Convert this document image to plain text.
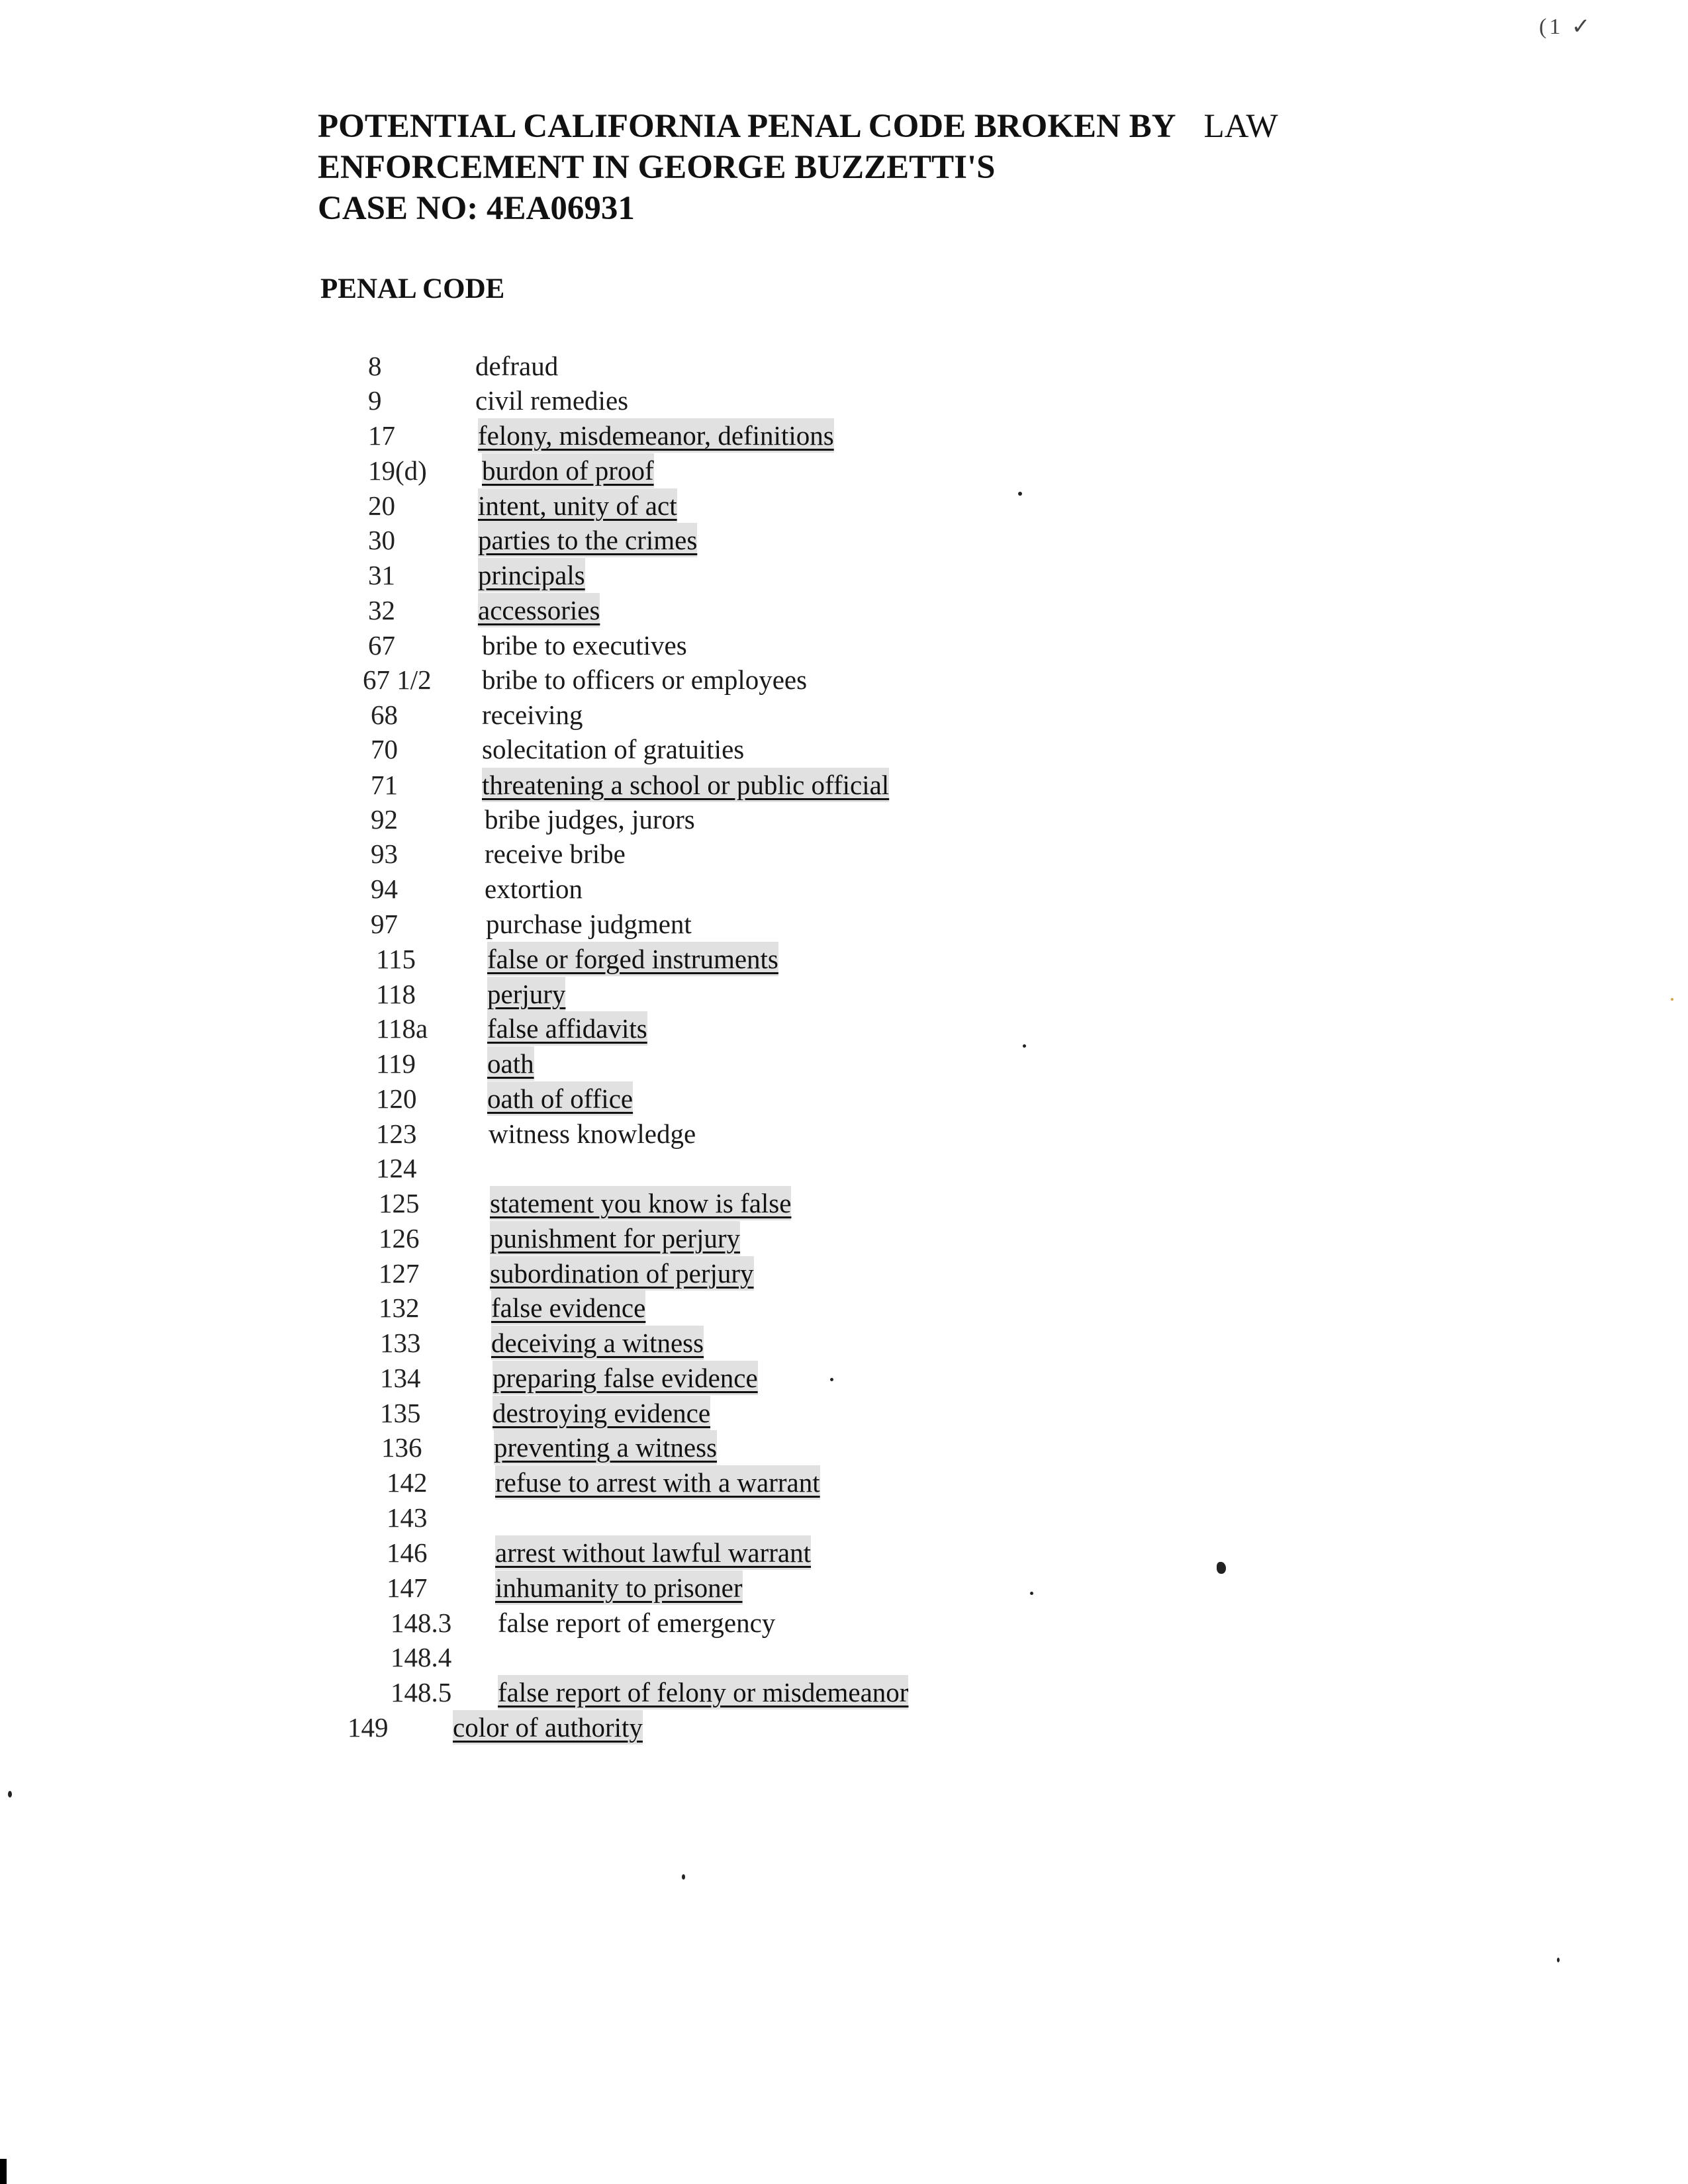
(1 ✓
POTENTIAL CALIFORNIA PENAL CODE BROKEN BY LAW
ENFORCEMENT IN GEORGE BUZZETTI'S
CASE NO: 4EA06931
PENAL CODE
8	defraud
9	civil remedies
17	felony, misdemeanor, definitions
19(d) burdon of proof
20	intent, unity of act
30	parties to the crimes
31	principals
32	accessories
67	bribe to executives
67 1/2 bribe to officers or employees
68	receiving
70	solecitation of gratuities
71	threatening a school or public official
92	bribe judges, jurors
93	receive bribe
94	extortion
97	purchase judgment
115	false or forged instruments
118	perjury
118a false affidavits
119	oath
120	oath of office
123	witness knowledge
124
125	statement you know is false
126	punishment for perjury
127	subordination of perjury
132	false evidence
133	deceiving a witness
134	preparing false evidence
135	destroying evidence
136	preventing a witness
142	refuse to arrest with a warrant
143
146	arrest without lawful warrant
147	inhumanity to prisoner
148.3 false report of emergency
148.4
148.5 false report of felony or misdemeanor
149 color of authority
